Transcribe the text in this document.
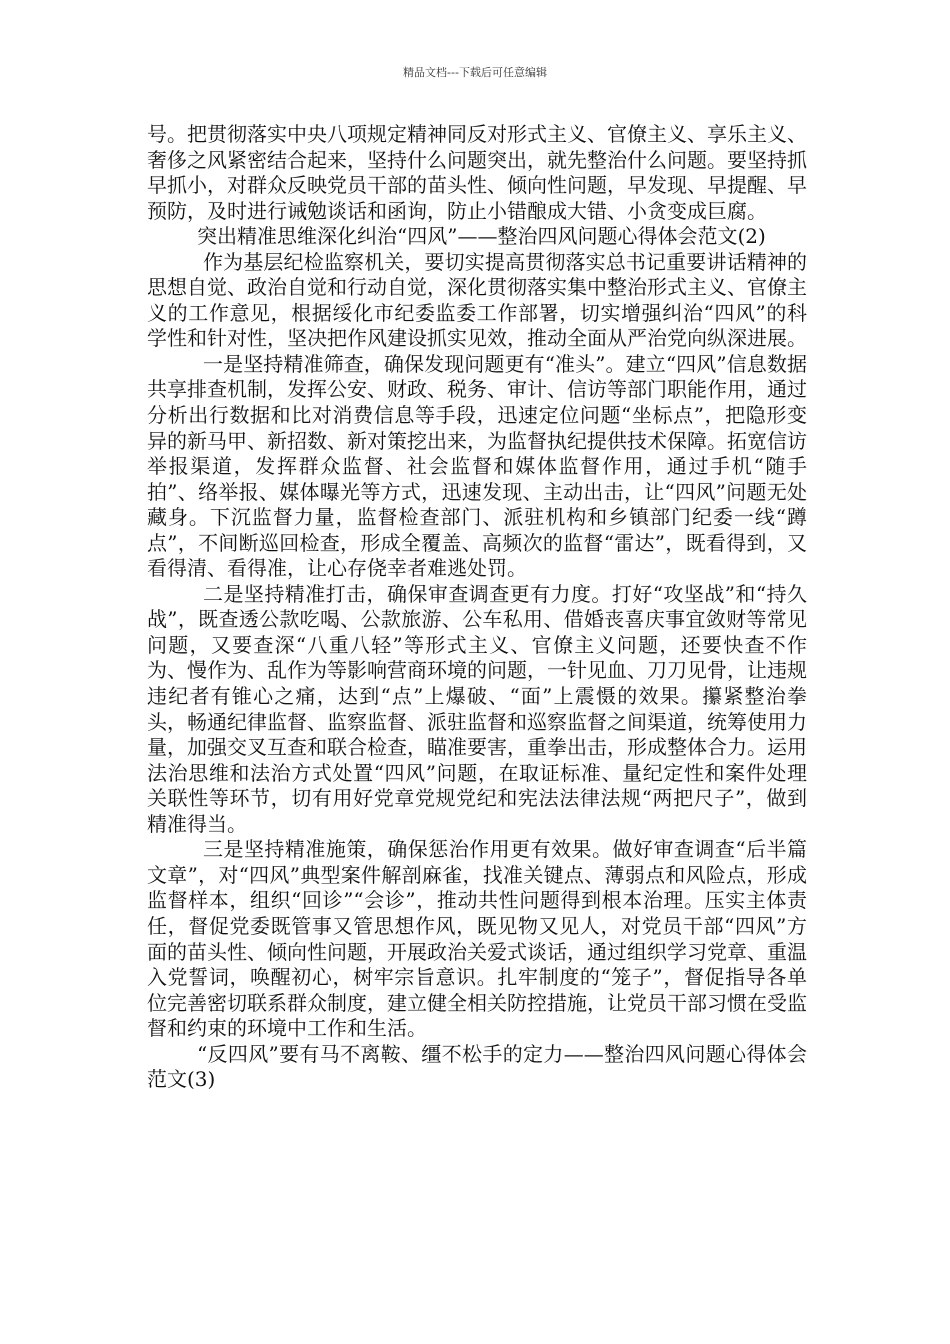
精品文档---下载后可任意编辑

号。把贯彻落实中央八项规定精神同反对形式主义、官僚主义、享乐主义、奢侈之风紧密结合起来，坚持什么问题突出，就先整治什么问题。要坚持抓早抓小，对群众反映党员干部的苗头性、倾向性问题，早发现、早提醒、早预防，及时进行诫勉谈话和函询，防止小错酿成大错、小贪变成巨腐。

突出精准思维深化纠治“四风”——整治四风问题心得体会范文(2)

作为基层纪检监察机关，要切实提高贯彻落实总书记重要讲话精神的思想自觉、政治自觉和行动自觉，深化贯彻落实集中整治形式主义、官僚主义的工作意见，根据绥化市纪委监委工作部署，切实增强纠治“四风”的科学性和针对性，坚决把作风建设抓实见效，推动全面从严治党向纵深进展。

一是坚持精准筛查，确保发现问题更有“准头”。建立“四风”信息数据共享排查机制，发挥公安、财政、税务、审计、信访等部门职能作用，通过分析出行数据和比对消费信息等手段，迅速定位问题“坐标点”，把隐形变异的新马甲、新招数、新对策挖出来，为监督执纪提供技术保障。拓宽信访举报渠道，发挥群众监督、社会监督和媒体监督作用，通过手机“随手拍”、络举报、媒体曝光等方式，迅速发现、主动出击，让“四风”问题无处藏身。下沉监督力量，监督检查部门、派驻机构和乡镇部门纪委一线“蹲点”，不间断巡回检查，形成全覆盖、高频次的监督“雷达”，既看得到，又看得清、看得准，让心存侥幸者难逃处罚。

二是坚持精准打击，确保审查调查更有力度。打好“攻坚战”和“持久战”，既查透公款吃喝、公款旅游、公车私用、借婚丧喜庆事宜敛财等常见问题，又要查深“八重八轻”等形式主义、官僚主义问题，还要快查不作为、慢作为、乱作为等影响营商环境的问题，一针见血、刀刀见骨，让违规违纪者有锥心之痛，达到“点”上爆破、“面”上震慑的效果。攥紧整治拳头，畅通纪律监督、监察监督、派驻监督和巡察监督之间渠道，统筹使用力量，加强交叉互查和联合检查，瞄准要害，重拳出击，形成整体合力。运用法治思维和法治方式处置“四风”问题，在取证标准、量纪定性和案件处理关联性等环节，切有用好党章党规党纪和宪法法律法规“两把尺子”，做到精准得当。

三是坚持精准施策，确保惩治作用更有效果。做好审查调查“后半篇文章”，对“四风”典型案件解剖麻雀，找准关键点、薄弱点和风险点，形成监督样本，组织“回诊”“会诊”，推动共性问题得到根本治理。压实主体责任，督促党委既管事又管思想作风，既见物又见人，对党员干部“四风”方面的苗头性、倾向性问题，开展政治关爱式谈话，通过组织学习党章、重温入党誓词，唤醒初心，树牢宗旨意识。扎牢制度的“笼子”，督促指导各单位完善密切联系群众制度，建立健全相关防控措施，让党员干部习惯在受监督和约束的环境中工作和生活。

“反四风”要有马不离鞍、缰不松手的定力——整治四风问题心得体会范文(3)
